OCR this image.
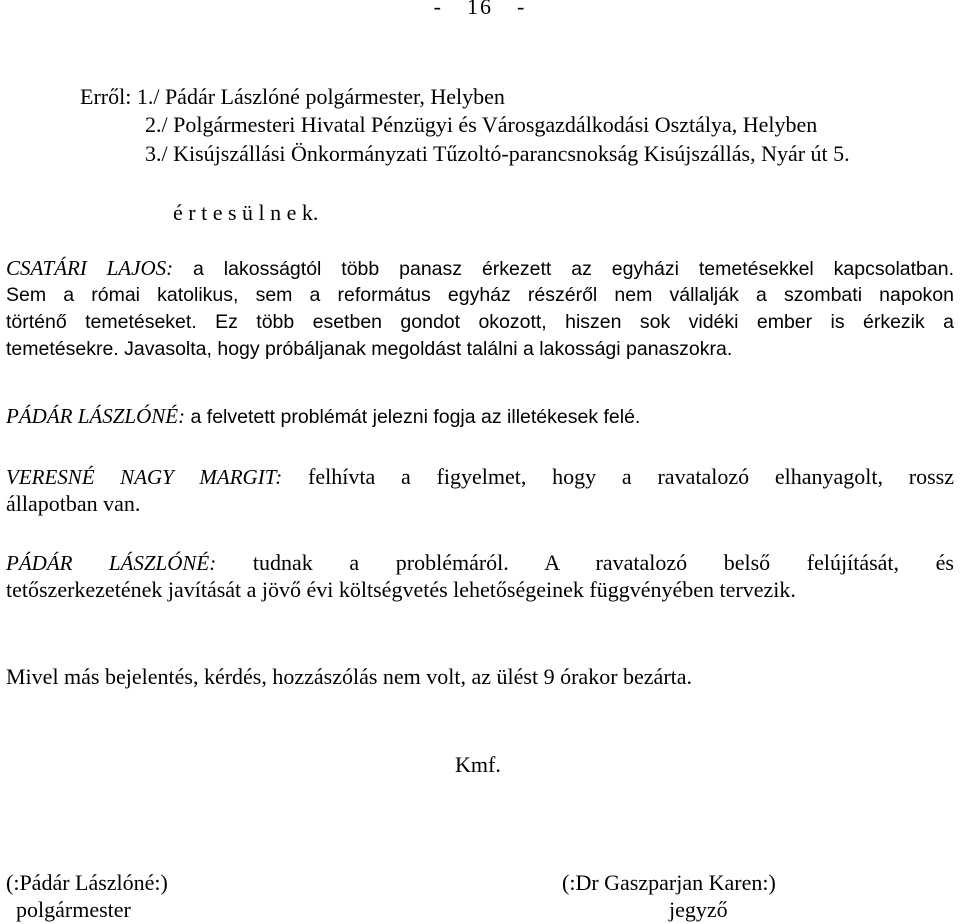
- 16 -
Erről: 1./ Pádár Lászlóné polgármester, Helyben
2./ Polgármesteri Hivatal Pénzügyi és Városgazdálkodási Osztálya, Helyben
3./ Kisújszállási Önkormányzati Tűzoltó-parancsnokság Kisújszállás, Nyár út 5.
é r t e s ü l n e k.
CSATÁRI LAJOS: a lakosságtól több panasz érkezett az egyházi temetésekkel kapcsolatban.
Sem a római katolikus, sem a református egyház részéről nem vállalják a szombati napokon
történő temetéseket. Ez több esetben gondot okozott, hiszen sok vidéki ember is érkezik a
temetésekre. Javasolta, hogy próbáljanak megoldást találni a lakossági panaszokra.
PÁDÁR LÁSZLÓNÉ: a felvetett problémát jelezni fogja az illetékesek felé.
VERESNÉ NAGY MARGIT: felhívta a figyelmet, hogy a ravatalozó elhanyagolt, rossz
állapotban van.
PÁDÁR LÁSZLÓNÉ: tudnak a problémáról. A ravatalozó belső felújítását, és
tetőszerkezetének javítását a jövő évi költségvetés lehetőségeinek függvényében tervezik.
Mivel más bejelentés, kérdés, hozzászólás nem volt, az ülést 9 órakor bezárta.
Kmf.
(:Pádár Lászlóné:)
polgármester
(:Dr Gaszparjan Karen:)
jegyző
